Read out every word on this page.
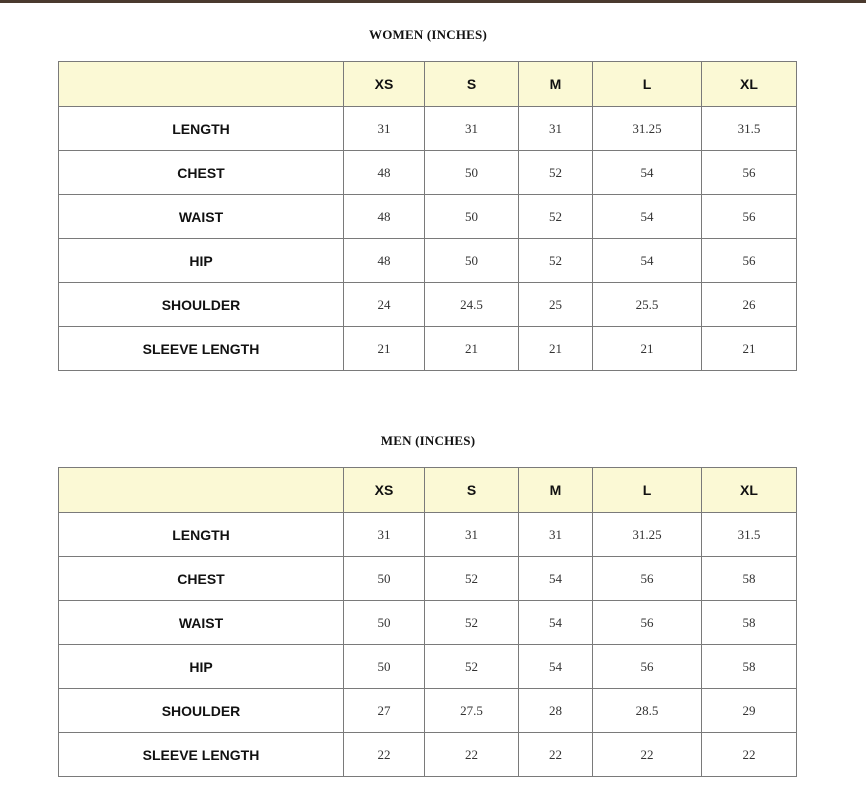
WOMEN (INCHES)
	XS	S	M	L	XL
LENGTH	31	31	31	31.25	31.5
CHEST	48	50	52	54	56
WAIST	48	50	52	54	56
HIP	48	50	52	54	56
SHOULDER	24	24.5	25	25.5	26
SLEEVE LENGTH	21	21	21	21	21
MEN (INCHES)
	XS	S	M	L	XL
LENGTH	31	31	31	31.25	31.5
CHEST	50	52	54	56	58
WAIST	50	52	54	56	58
HIP	50	52	54	56	58
SHOULDER	27	27.5	28	28.5	29
SLEEVE LENGTH	22	22	22	22	22
